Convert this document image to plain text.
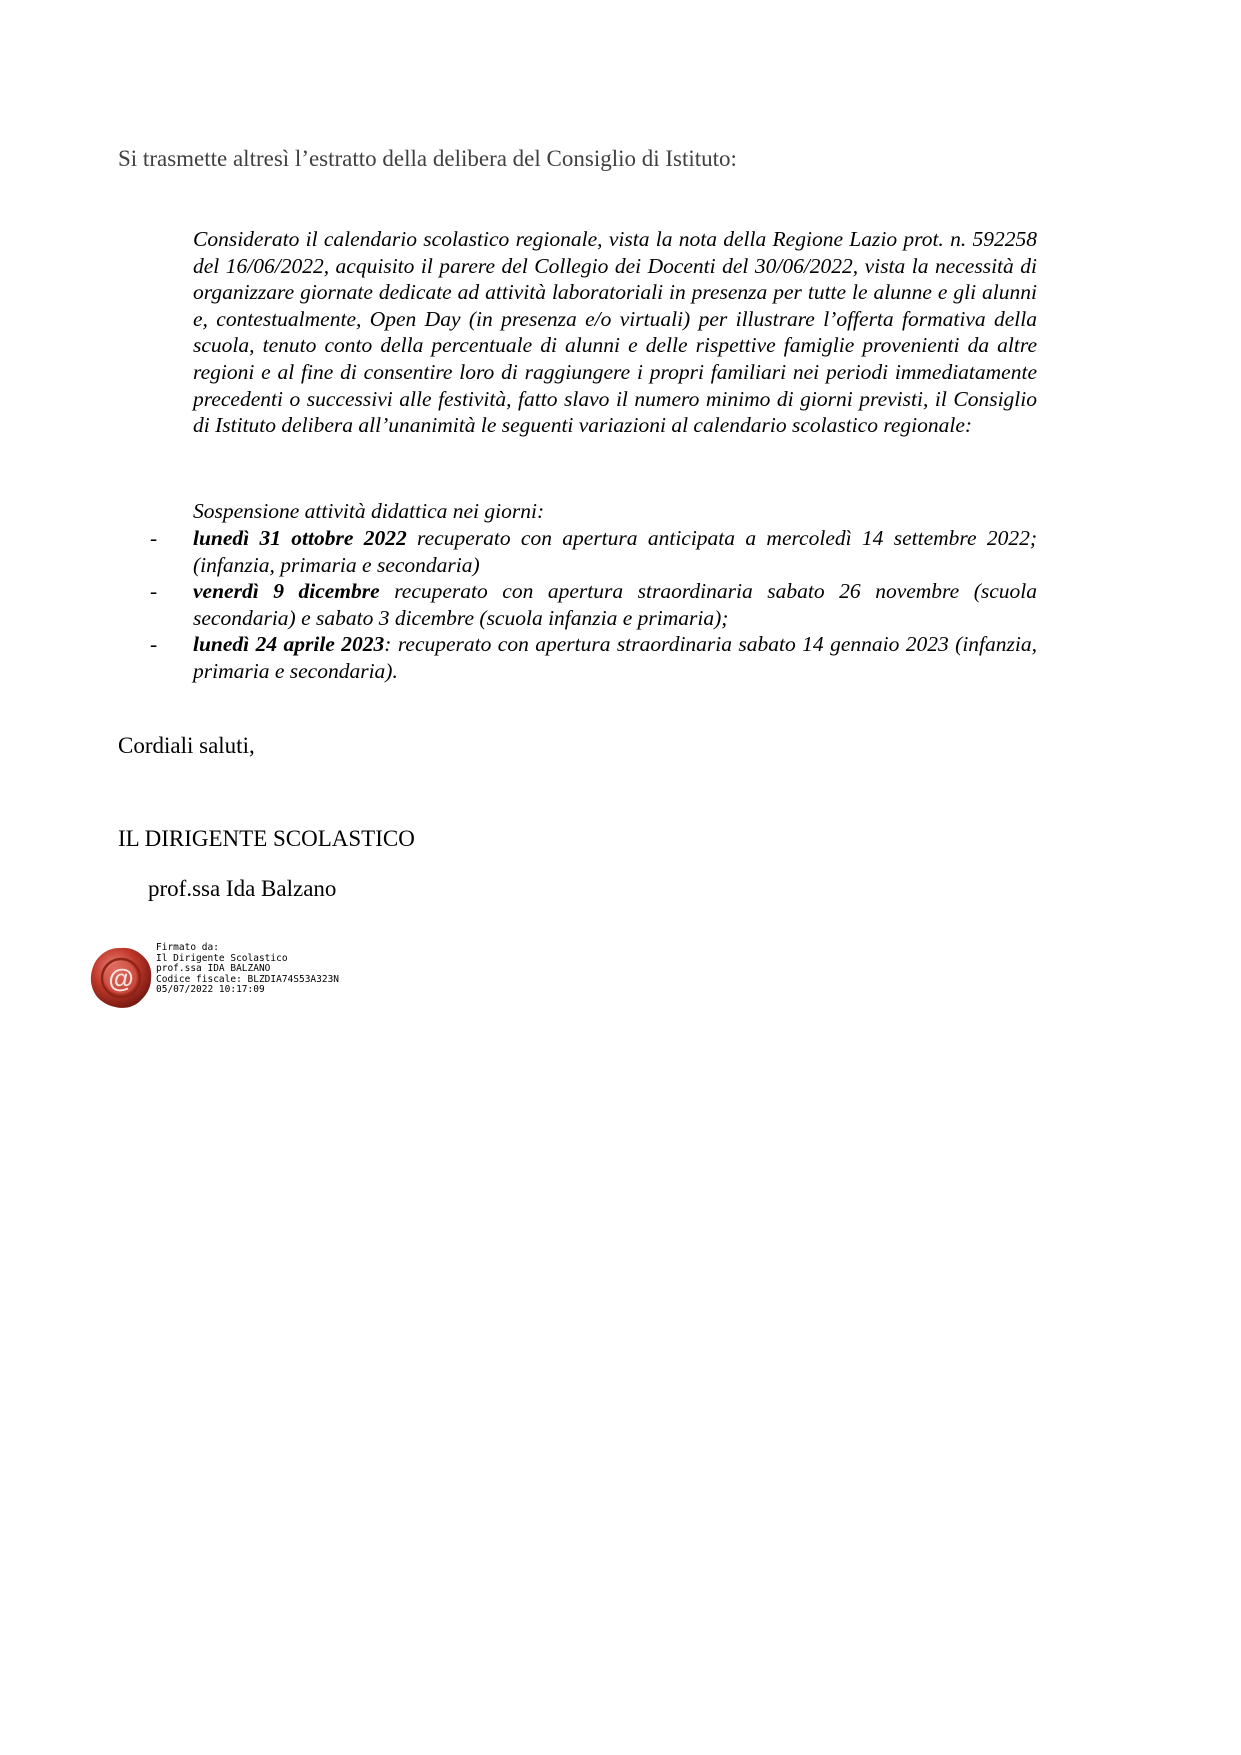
Si trasmette altresì l’estratto della delibera del Consiglio di Istituto:

Considerato il calendario scolastico regionale, vista la nota della Regione Lazio prot. n. 592258 del 16/06/2022, acquisito il parere del Collegio dei Docenti del 30/06/2022, vista la necessità di organizzare giornate dedicate ad attività laboratoriali in presenza per tutte le alunne e gli alunni e, contestualmente, Open Day (in presenza e/o virtuali) per illustrare l’offerta formativa della scuola, tenuto conto della percentuale di alunni e delle rispettive famiglie provenienti da altre regioni e al fine di consentire loro di raggiungere i propri familiari nei periodi immediatamente precedenti o successivi alle festività, fatto slavo il numero minimo di giorni previsti, il Consiglio di Istituto delibera all’unanimità le seguenti variazioni al calendario scolastico regionale:

Sospensione attività didattica nei giorni:

- lunedì 31 ottobre 2022 recuperato con apertura anticipata a mercoledì 14 settembre 2022; (infanzia, primaria e secondaria)
- venerdì 9 dicembre recuperato con apertura straordinaria sabato 26 novembre (scuola secondaria) e sabato 3 dicembre (scuola infanzia e primaria);
- lunedì 24 aprile 2023: recuperato con apertura straordinaria sabato 14 gennaio 2023 (infanzia, primaria e secondaria).

Cordiali saluti,

IL DIRIGENTE SCOLASTICO

prof.ssa Ida Balzano

@
Firmato da:
Il Dirigente Scolastico
prof.ssa IDA BALZANO
Codice fiscale: BLZDIA74S53A323N
05/07/2022 10:17:09
